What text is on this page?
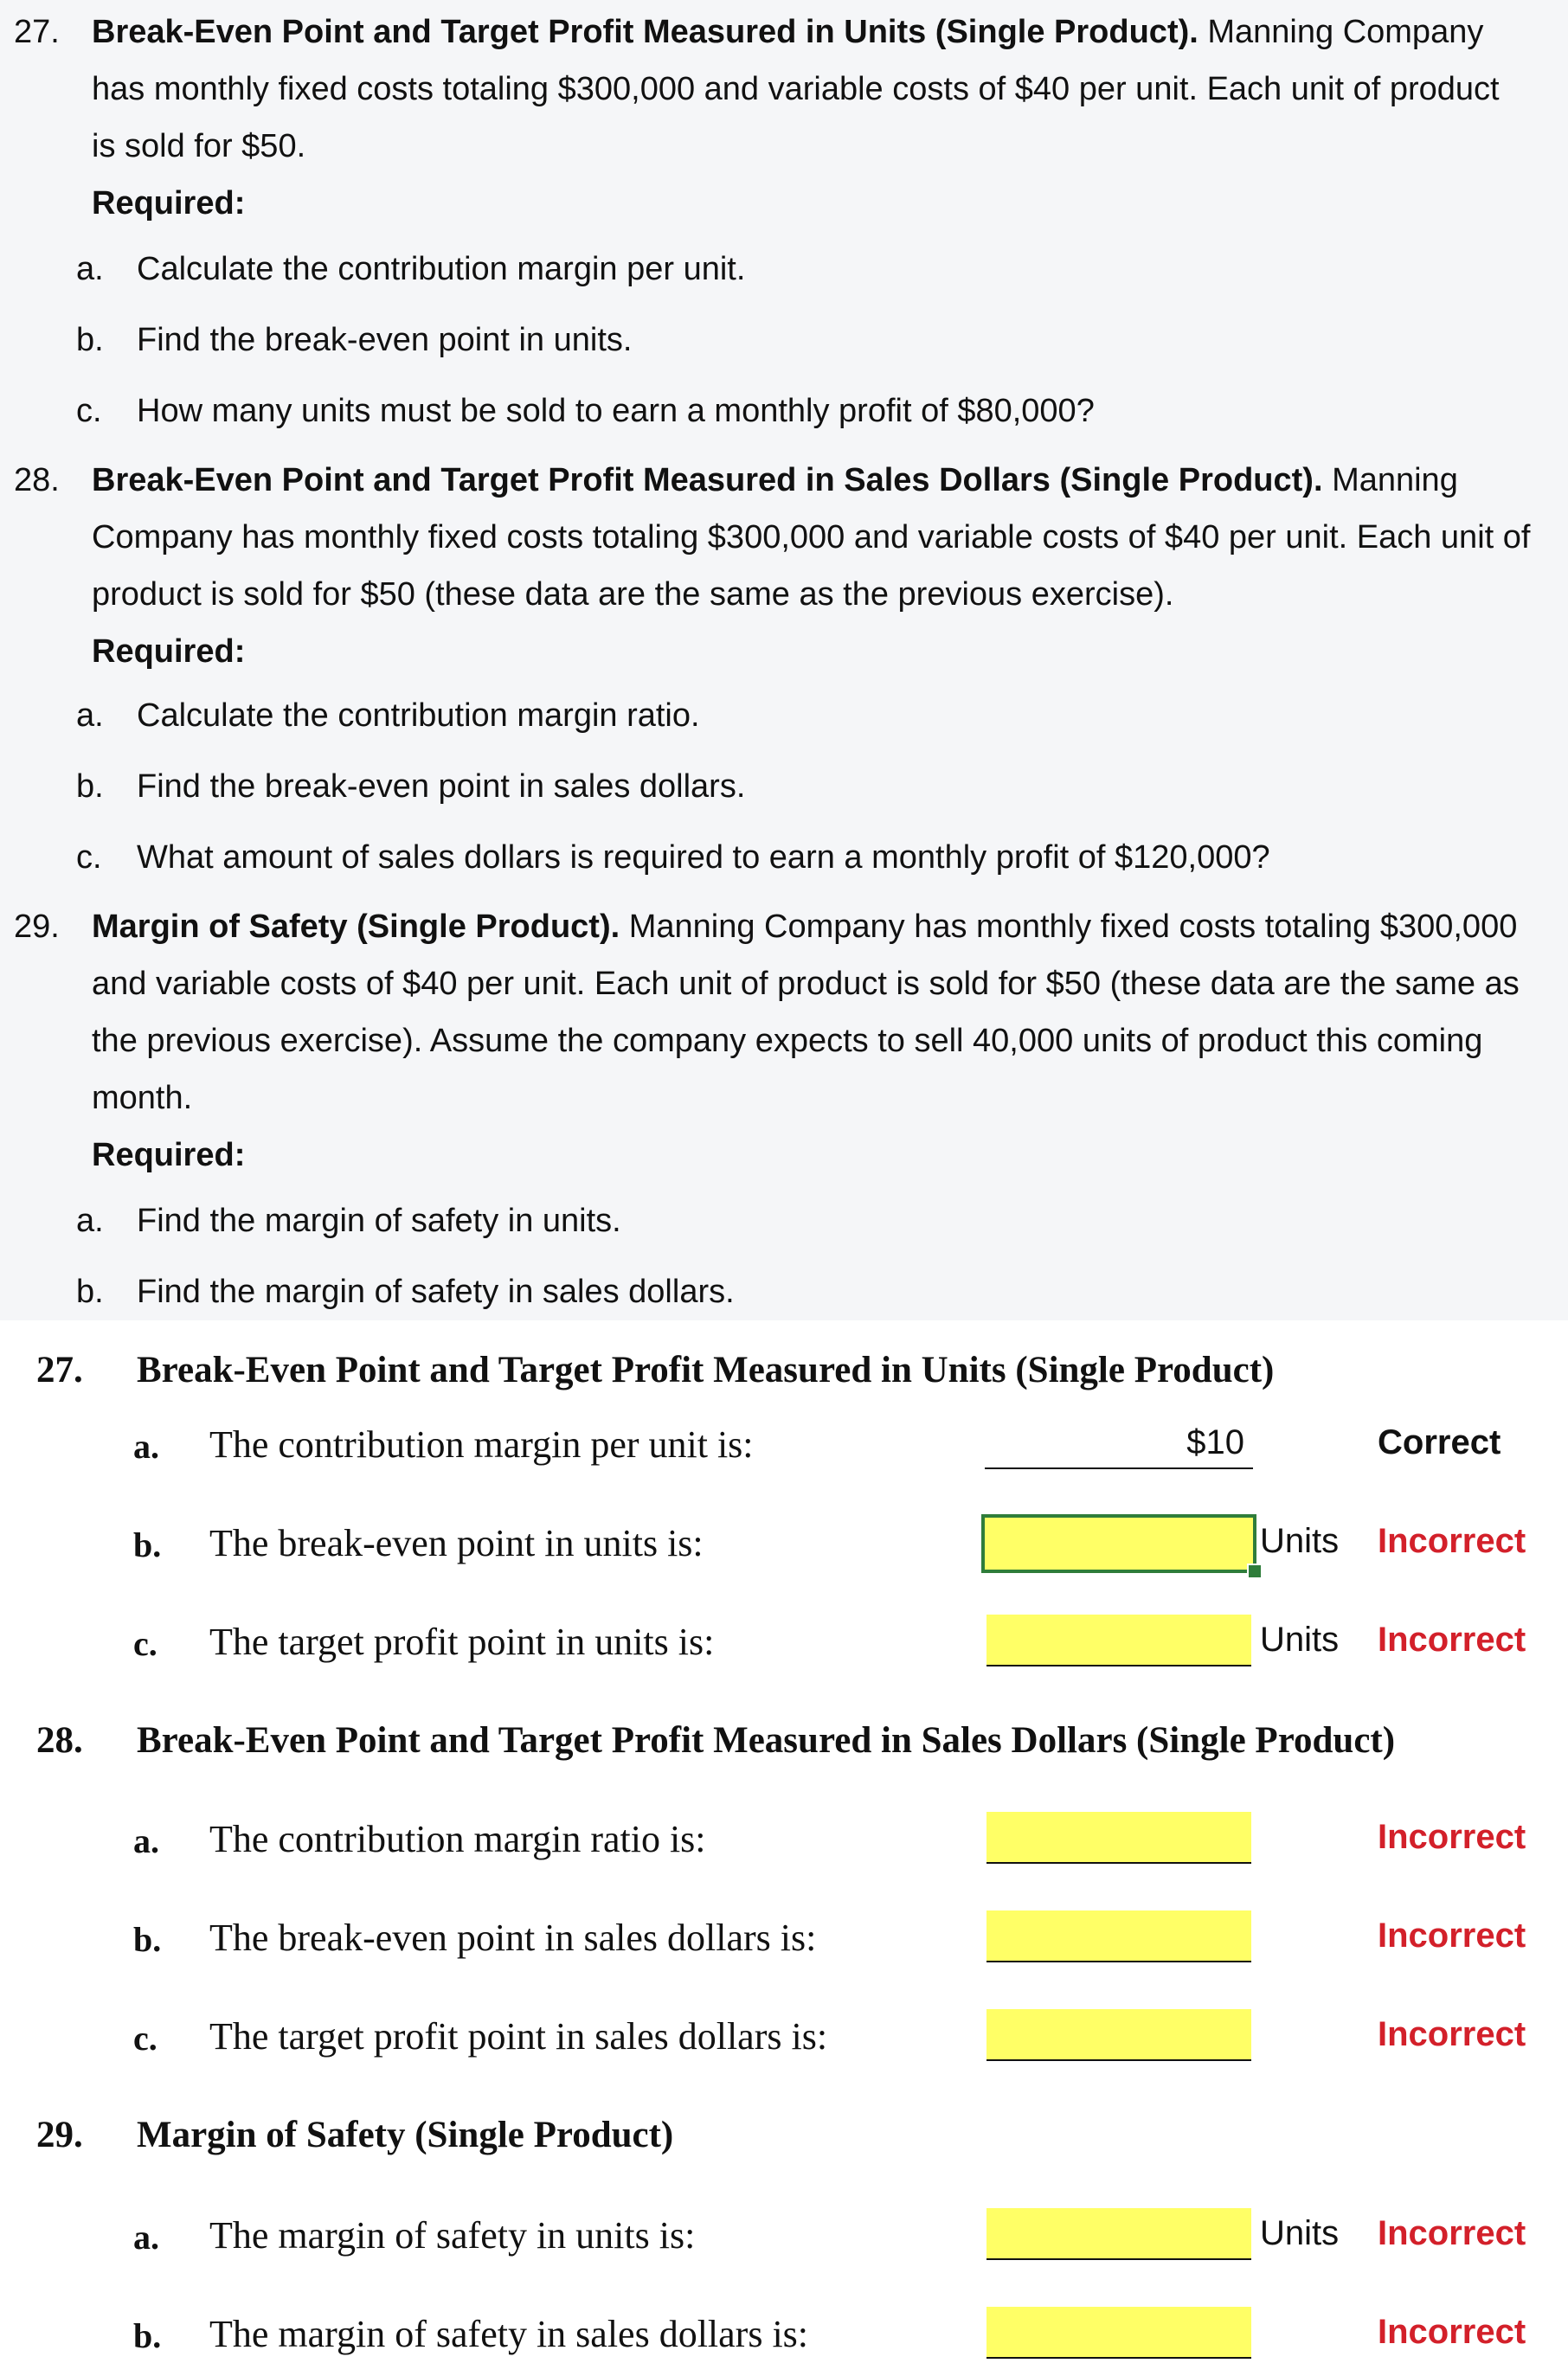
27. Break-Even Point and Target Profit Measured in Units (Single Product). Manning Company has monthly fixed costs totaling $300,000 and variable costs of $40 per unit. Each unit of product is sold for $50.
Required:
a.	Calculate the contribution margin per unit.
b.	Find the break-even point in units.
c.	How many units must be sold to earn a monthly profit of $80,000?
28. Break-Even Point and Target Profit Measured in Sales Dollars (Single Product). Manning Company has monthly fixed costs totaling $300,000 and variable costs of $40 per unit. Each unit of product is sold for $50 (these data are the same as the previous exercise).
Required:
a.	Calculate the contribution margin ratio.
b.	Find the break-even point in sales dollars.
c.	What amount of sales dollars is required to earn a monthly profit of $120,000?
29. Margin of Safety (Single Product). Manning Company has monthly fixed costs totaling $300,000 and variable costs of $40 per unit. Each unit of product is sold for $50 (these data are the same as the previous exercise). Assume the company expects to sell 40,000 units of product this coming month.
Required:
a.	Find the margin of safety in units.
b.	Find the margin of safety in sales dollars.
27. Break-Even Point and Target Profit Measured in Units (Single Product)
a. The contribution margin per unit is:	$10	Correct
b. The break-even point in units is:	Units Incorrect
c. The target profit point in units is:	Units Incorrect
28. Break-Even Point and Target Profit Measured in Sales Dollars (Single Product)
a. The contribution margin ratio is:	Incorrect
b. The break-even point in sales dollars is:	Incorrect
c. The target profit point in sales dollars is:	Incorrect
29. Margin of Safety (Single Product)
a. The margin of safety in units is:	Units Incorrect
b. The margin of safety in sales dollars is:	Incorrect
